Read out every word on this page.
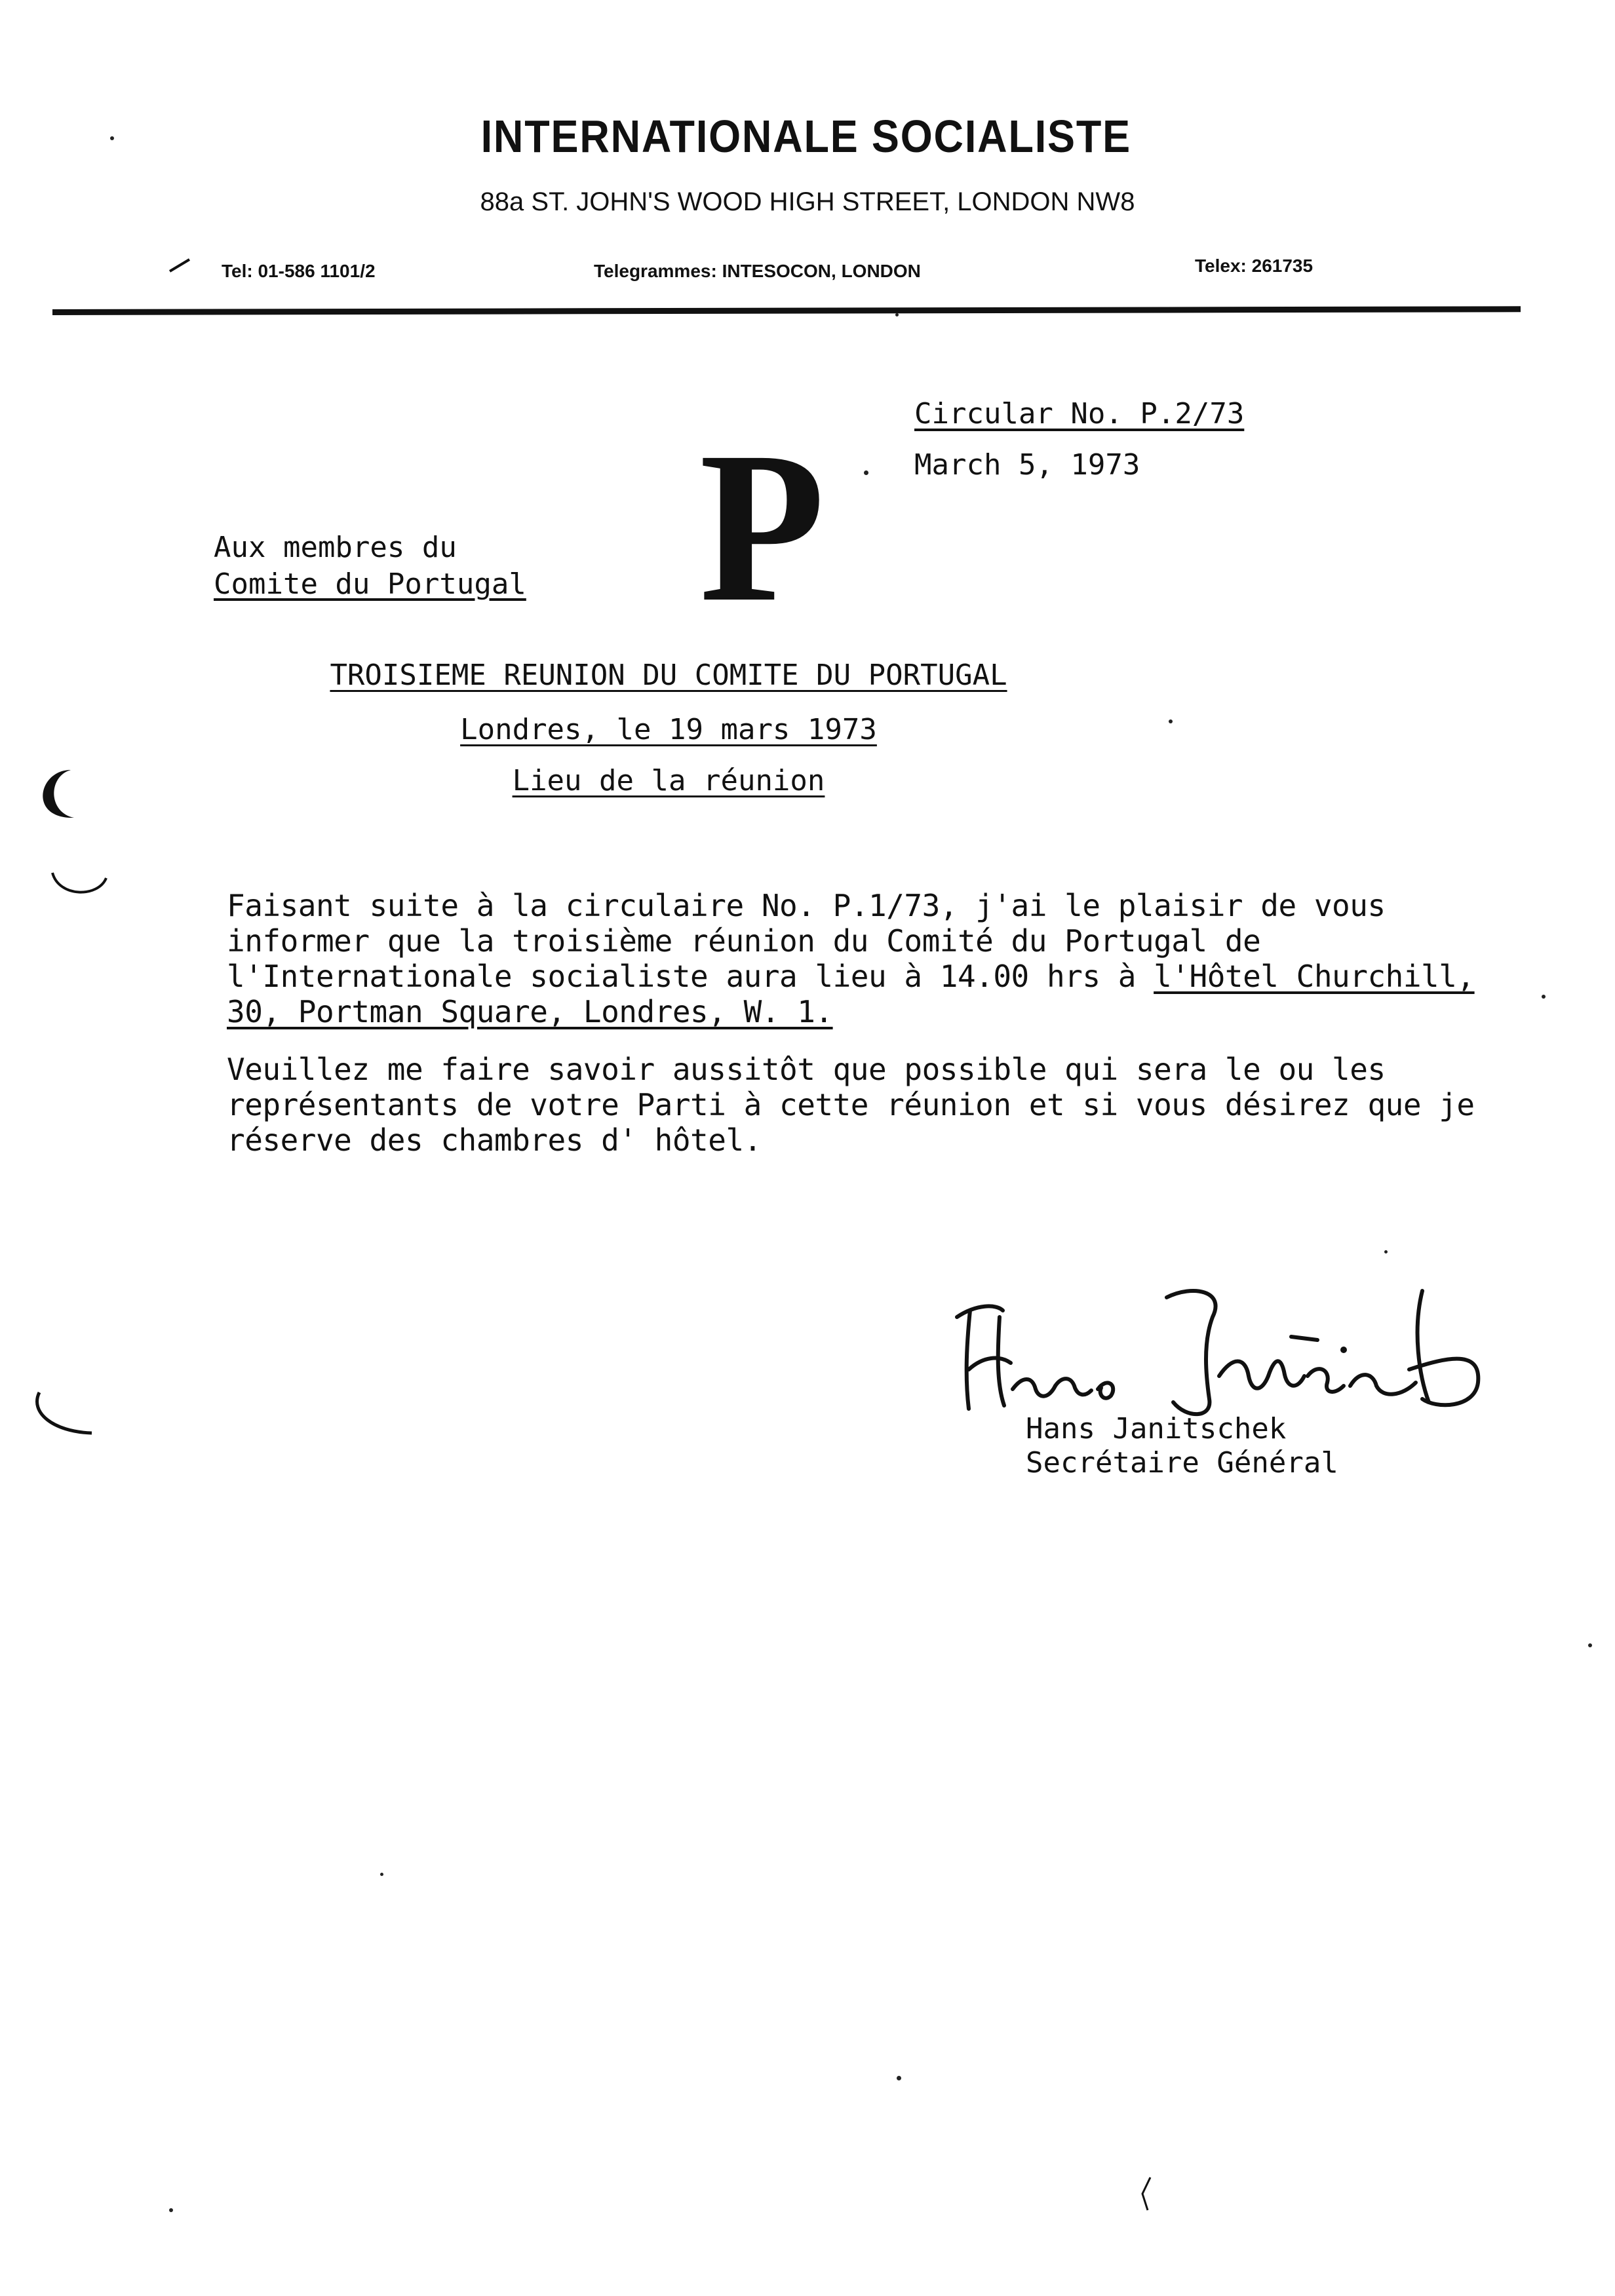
INTERNATIONALE SOCIALISTE
88a ST. JOHN'S WOOD HIGH STREET, LONDON NW8
Tel: 01-586 1101/2	Telegrammes: INTESOCON, LONDON	Telex: 261735
Circular No. P.2/73
March 5, 1973
P
Aux membres du
Comite du Portugal
TROISIEME REUNION DU COMITE DU PORTUGAL
Londres, le 19 mars 1973
Lieu de la réunion
Faisant suite à la circulaire No. P.1/73, j'ai le plaisir de vous informer que la troisième réunion du Comité du Portugal de l'Internationale socialiste aura lieu à 14.00 hrs à l'Hôtel Churchill, 30, Portman Square, Londres, W. 1.
Veuillez me faire savoir aussitôt que possible qui sera le ou les représentants de votre Parti à cette réunion et si vous désirez que je réserve des chambres d' hôtel.
Hans Janitschek
Secrétaire Général
